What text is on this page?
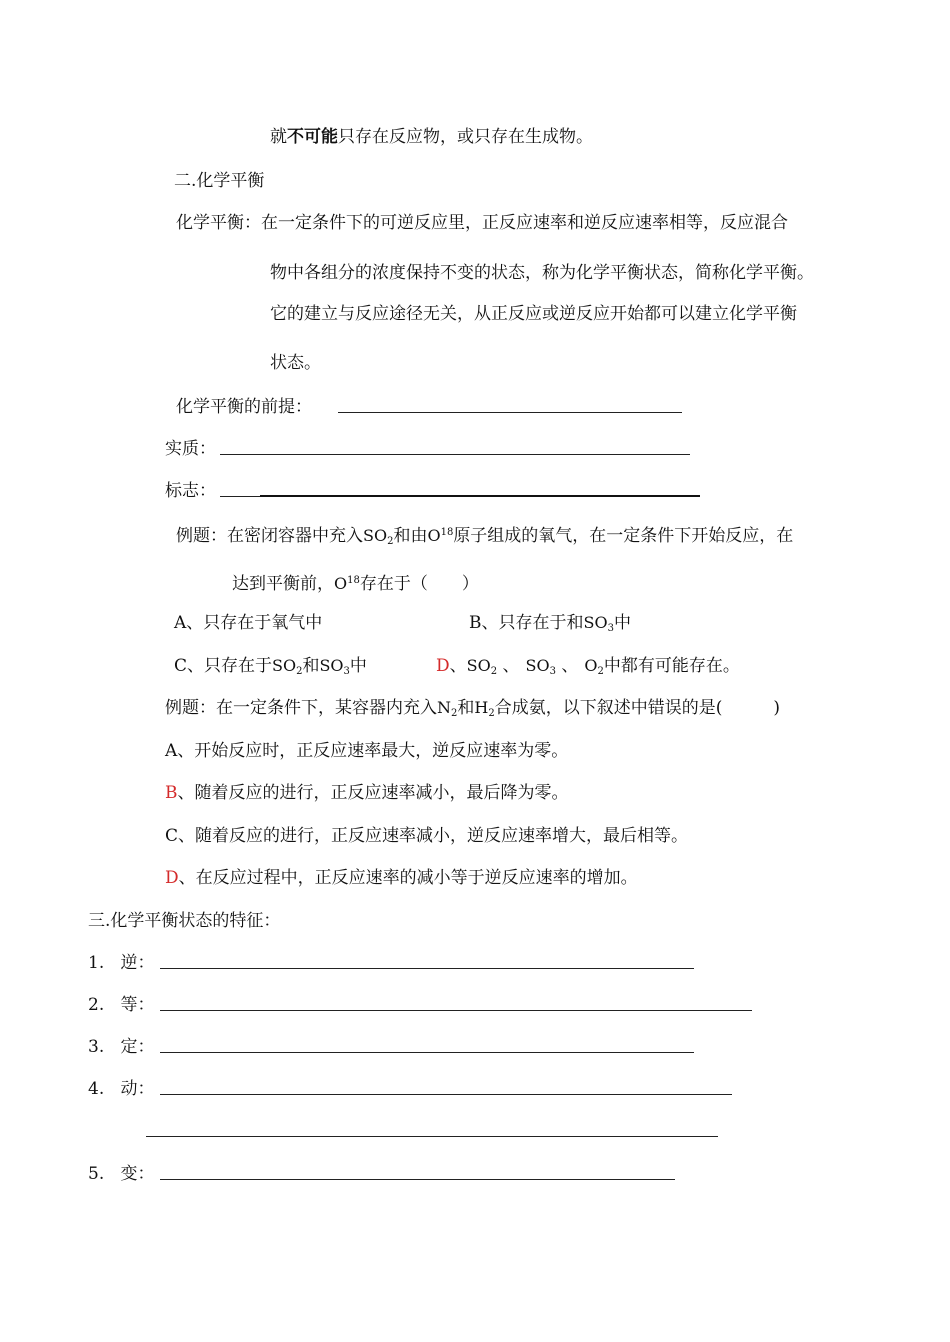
就不可能只存在反应物，或只存在生成物。
二.化学平衡
化学平衡：在一定条件下的可逆反应里，正反应速率和逆反应速率相等，反应混合
物中各组分的浓度保持不变的状态，称为化学平衡状态，简称化学平衡。
它的建立与反应途径无关，从正反应或逆反应开始都可以建立化学平衡
状态。
化学平衡的前提：
实质：
标志：
例题：在密闭容器中充入$SO_2$和由$O^{18}$原子组成的氧气，在一定条件下开始反应，在
达到平衡前，$O^{18}$存在于（　　）
A、只存在于氧气中	B、只存在于和$SO_3$中
C、只存在于$SO_2$和$SO_3$中	D、$SO_2$ 、 $SO_3$ 、 $O_2$中都有可能存在。
例题：在一定条件下，某容器内充入$N_2$和$H_2$合成氨，以下叙述中错误的是(　　　)
A、开始反应时，正反应速率最大，逆反应速率为零。
B、随着反应的进行，正反应速率减小，最后降为零。
C、随着反应的进行，正反应速率减小，逆反应速率增大，最后相等。
D、在反应过程中，正反应速率的减小等于逆反应速率的增加。
三.化学平衡状态的特征：
1. 逆：
2. 等：
3. 定：
4. 动：
5. 变：
